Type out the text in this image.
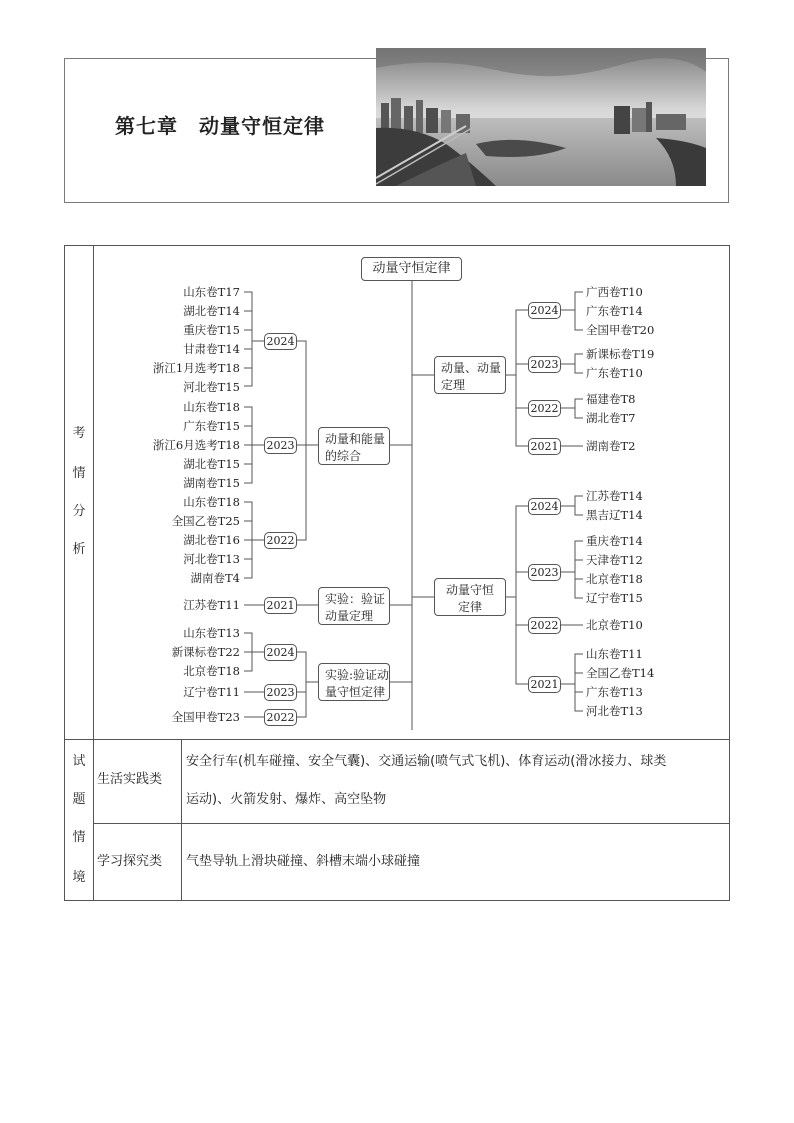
第七章　动量守恒定律
考
情
分
析
试
题
情
境
生活实践类
安全行车(机车碰撞、安全气囊)、交通运输(喷气式飞机)、体育运动(滑冰接力、球类
运动)、火箭发射、爆炸、高空坠物
学习探究类 气垫导轨上滑块碰撞、斜槽末端小球碰撞
动量守恒定律
动量和能量
的综合
实验：验证
动量定理
实验:验证动
量守恒定律
动量、动量
定理
动量守恒
定律
2024
2023
2022
2021
2024
2023
2022
2024
2023
2022
2021
2024
2023
2022
2021
山东卷T17
湖北卷T14
重庆卷T15
甘肃卷T14
浙江1月选考T18
河北卷T15
山东卷T18
广东卷T15
浙江6月选考T18
湖北卷T15
湖南卷T15
山东卷T18
全国乙卷T25
湖北卷T16
河北卷T13
湖南卷T4
江苏卷T11
山东卷T13
新课标卷T22
北京卷T18
辽宁卷T11
全国甲卷T23
广西卷T10
广东卷T14
全国甲卷T20
新课标卷T19
广东卷T10
福建卷T8
湖北卷T7
湖南卷T2
江苏卷T14
黑吉辽T14
重庆卷T14
天津卷T12
北京卷T18
辽宁卷T15
北京卷T10
山东卷T11
全国乙卷T14
广东卷T13
河北卷T13
